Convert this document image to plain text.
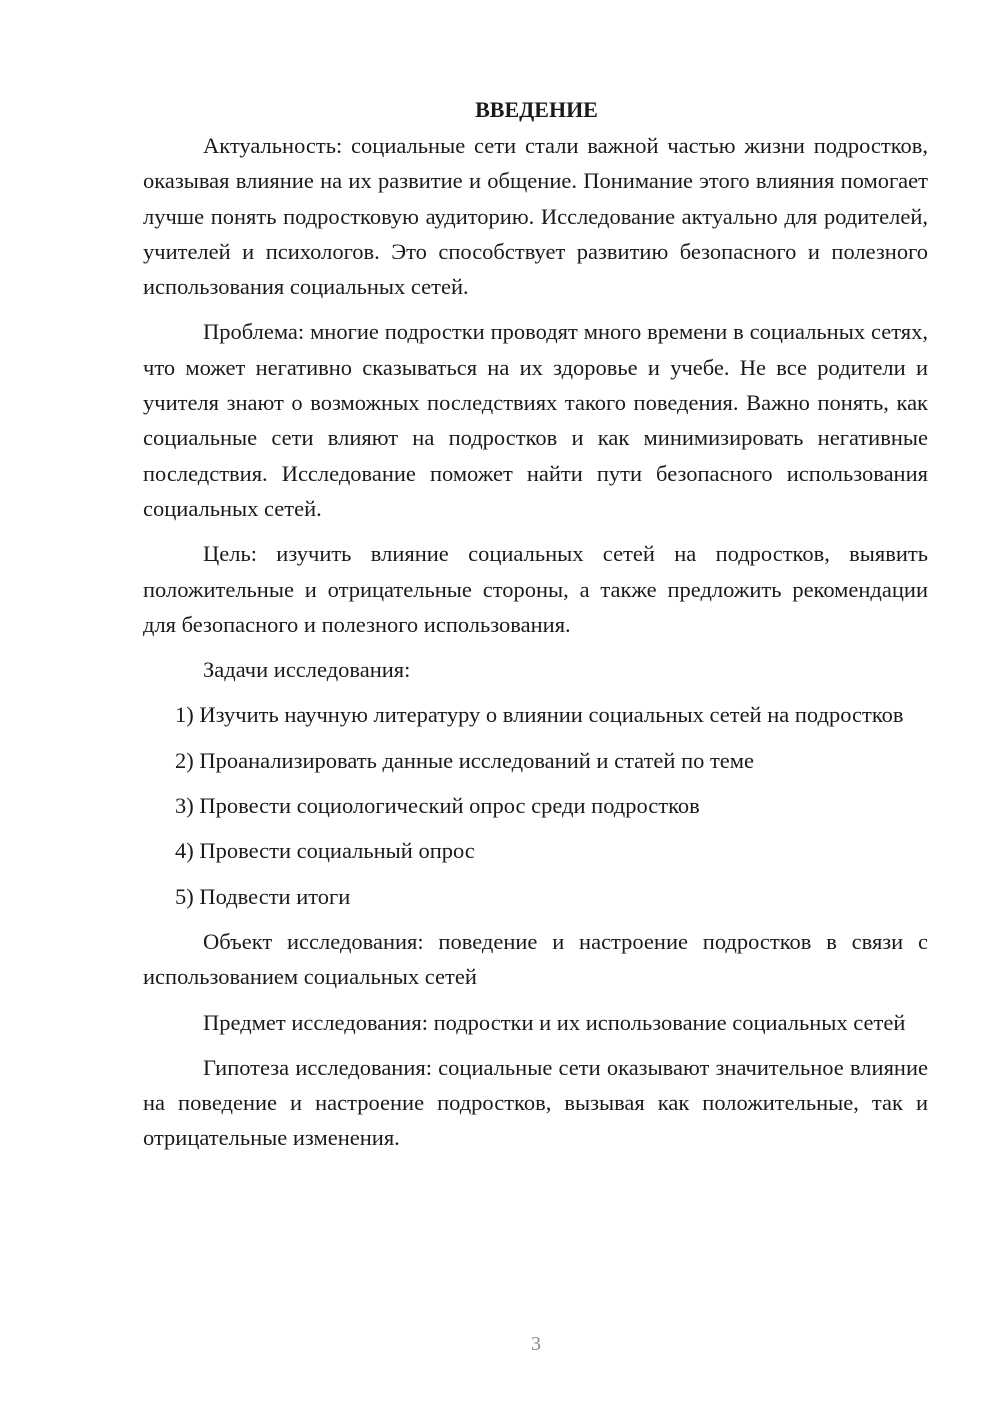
ВВЕДЕНИЕ

Актуальность: социальные сети стали важной частью жизни подростков, оказывая влияние на их развитие и общение. Понимание этого влияния помогает лучше понять подростковую аудиторию. Исследование актуально для родителей, учителей и психологов. Это способствует развитию безопасного и полезного использования социальных сетей.

Проблема: многие подростки проводят много времени в социальных сетях, что может негативно сказываться на их здоровье и учебе. Не все родители и учителя знают о возможных последствиях такого поведения. Важно понять, как социальные сети влияют на подростков и как минимизировать негативные последствия. Исследование поможет найти пути безопасного использования социальных сетей.

Цель: изучить влияние социальных сетей на подростков, выявить положительные и отрицательные стороны, а также предложить рекомендации для безопасного и полезного использования.

Задачи исследования:

1) Изучить научную литературу о влиянии социальных сетей на подростков

2) Проанализировать данные исследований и статей по теме

3) Провести социологический опрос среди подростков

4) Провести социальный опрос

5) Подвести итоги

Объект исследования: поведение и настроение подростков в связи с использованием социальных сетей

Предмет исследования: подростки и их использование социальных сетей

Гипотеза исследования: социальные сети оказывают значительное влияние на поведение и настроение подростков, вызывая как положительные, так и отрицательные изменения.

3
